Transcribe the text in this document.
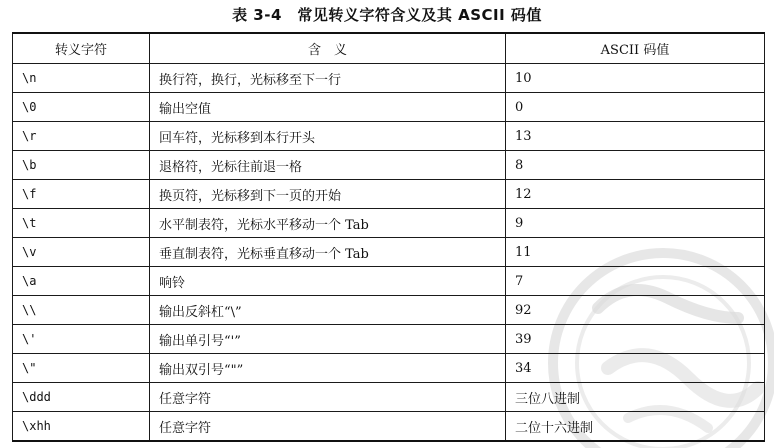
表 3-4　常见转义字符含义及其 ASCII 码值
转义字符	含　义	ASCII 码值
\n	换行符，换行，光标移至下一行	10
\0	输出空值	0
\r	回车符，光标移到本行开头	13
\b	退格符，光标往前退一格	8
\f	换页符，光标移到下一页的开始	12
\t	水平制表符，光标水平移动一个 Tab	9
\v	垂直制表符，光标垂直移动一个 Tab	11
\a	响铃	7
\\	输出反斜杠“\”	92
\'	输出单引号“'”	39
\"	输出双引号“"”	34
\ddd	任意字符	三位八进制
\xhh	任意字符	二位十六进制
